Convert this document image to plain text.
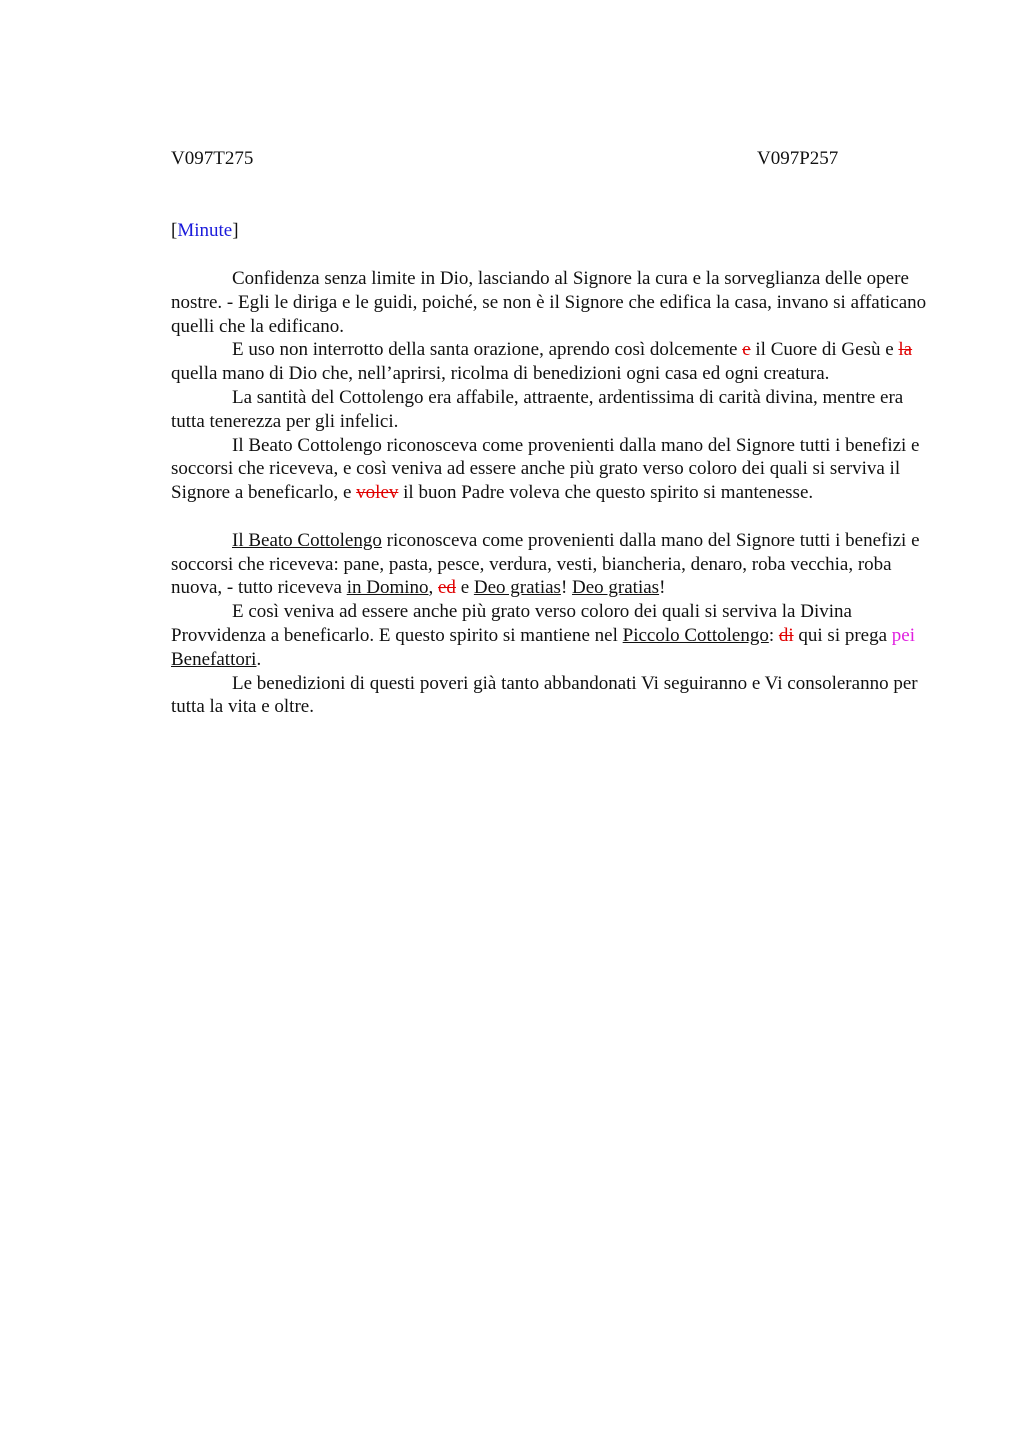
V097T275	V097P257
[Minute]

Confidenza senza limite in Dio, lasciando al Signore la cura e la sorveglianza delle opere nostre. - Egli le diriga e le guidi, poiché, se non è il Signore che edifica la casa, invano si affaticano quelli che la edificano.

E uso non interrotto della santa orazione, aprendo così dolcemente e il Cuore di Gesù e la quella mano di Dio che, nell’aprirsi, ricolma di benedizioni ogni casa ed ogni creatura.

La santità del Cottolengo era affabile, attraente, ardentissima di carità divina, mentre era tutta tenerezza per gli infelici.

Il Beato Cottolengo riconosceva come provenienti dalla mano del Signore tutti i benefizi e soccorsi che riceveva, e così veniva ad essere anche più grato verso coloro dei quali si serviva il Signore a beneficarlo, e volev il buon Padre voleva che questo spirito si mantenesse.

Il Beato Cottolengo riconosceva come provenienti dalla mano del Signore tutti i benefizi e soccorsi che riceveva: pane, pasta, pesce, verdura, vesti, biancheria, denaro, roba vecchia, roba nuova, - tutto riceveva in Domino, ed e Deo gratias! Deo gratias!

E così veniva ad essere anche più grato verso coloro dei quali si serviva la Divina Provvidenza a beneficarlo. E questo spirito si mantiene nel Piccolo Cottolengo: di qui si prega pei Benefattori.

Le benedizioni di questi poveri già tanto abbandonati Vi seguiranno e Vi consoleranno per tutta la vita e oltre.
